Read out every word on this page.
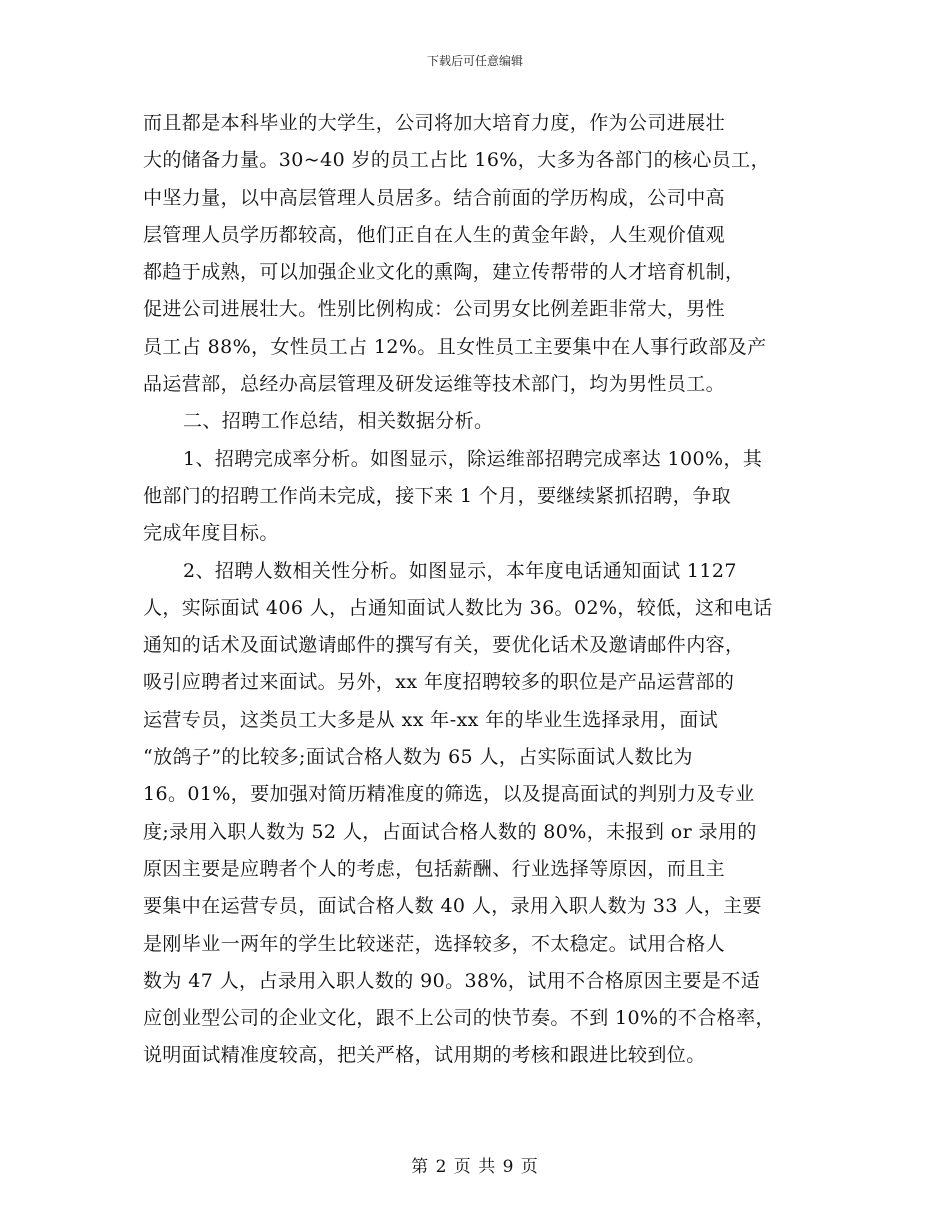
下载后可任意编辑
而且都是本科毕业的大学生，公司将加大培育力度，作为公司进展壮
大的储备力量。30~40 岁的员工占比 16%，大多为各部门的核心员工，
中坚力量，以中高层管理人员居多。结合前面的学历构成，公司中高
层管理人员学历都较高，他们正自在人生的黄金年龄，人生观价值观
都趋于成熟，可以加强企业文化的熏陶，建立传帮带的人才培育机制，
促进公司进展壮大。性别比例构成：公司男女比例差距非常大，男性
员工占 88%，女性员工占 12%。且女性员工主要集中在人事行政部及产
品运营部，总经办高层管理及研发运维等技术部门，均为男性员工。
二、招聘工作总结，相关数据分析。
1、招聘完成率分析。如图显示，除运维部招聘完成率达 100%，其
他部门的招聘工作尚未完成，接下来 1 个月，要继续紧抓招聘，争取
完成年度目标。
2、招聘人数相关性分析。如图显示，本年度电话通知面试 1127
人，实际面试 406 人，占通知面试人数比为 36。02%，较低，这和电话
通知的话术及面试邀请邮件的撰写有关，要优化话术及邀请邮件内容，
吸引应聘者过来面试。另外，xx 年度招聘较多的职位是产品运营部的
运营专员，这类员工大多是从 xx 年-xx 年的毕业生选择录用，面试
“放鸽子”的比较多;面试合格人数为 65 人，占实际面试人数比为
16。01%，要加强对简历精准度的筛选，以及提高面试的判别力及专业
度;录用入职人数为 52 人，占面试合格人数的 80%，未报到 or 录用的
原因主要是应聘者个人的考虑，包括薪酬、行业选择等原因，而且主
要集中在运营专员，面试合格人数 40 人，录用入职人数为 33 人，主要
是刚毕业一两年的学生比较迷茫，选择较多，不太稳定。试用合格人
数为 47 人，占录用入职人数的 90。38%，试用不合格原因主要是不适
应创业型公司的企业文化，跟不上公司的快节奏。不到 10%的不合格率，
说明面试精准度较高，把关严格，试用期的考核和跟进比较到位。
第 2 页 共 9 页
